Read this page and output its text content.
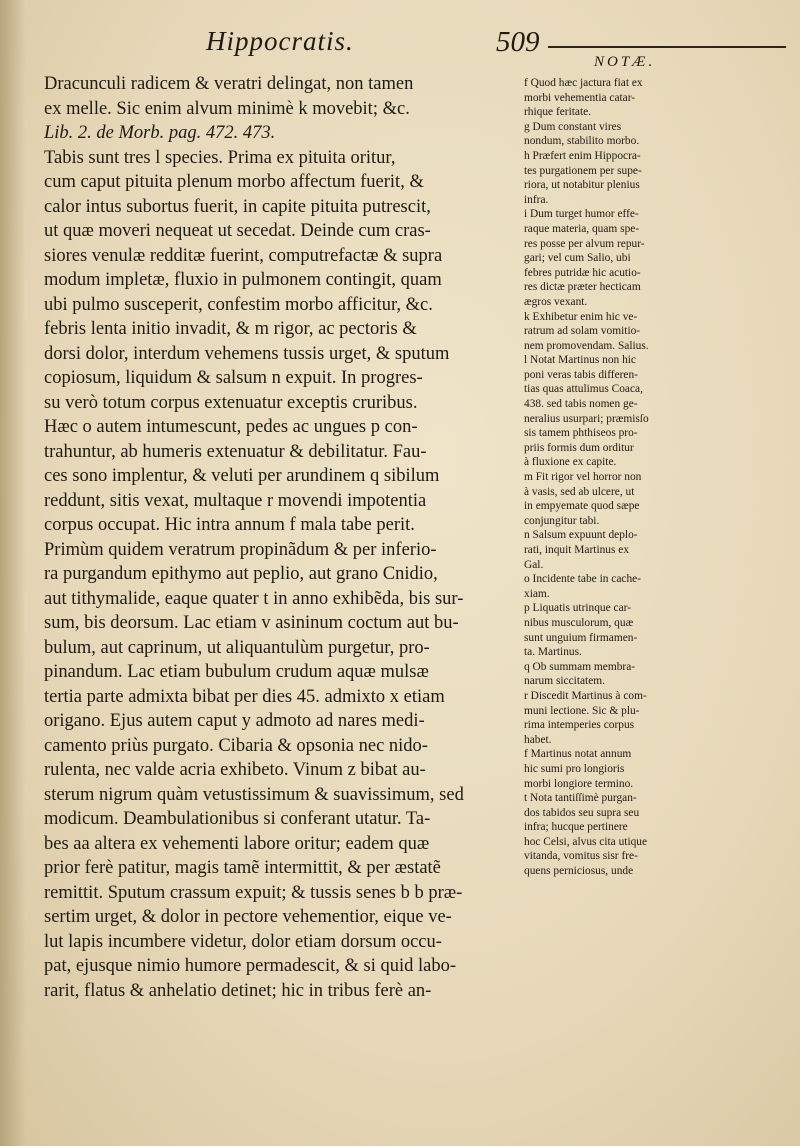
Hippocratis.	509
NOTÆ.
Dracunculi radicem & veratri delingat, non tamen
ex melle. Sic enim alvum minimè k movebit; &c.
Lib. 2. de Morb. pag. 472. 473.
Tabis sunt tres l species. Prima ex pituita oritur,
cum caput pituita plenum morbo affectum fuerit, &
calor intus subortus fuerit, in capite pituita putrescit,
ut quæ moveri nequeat ut secedat. Deinde cum cras-
siores venulæ redditæ fuerint, computrefactæ & supra
modum impletæ, fluxio in pulmonem contingit, quam
ubi pulmo susceperit, confestim morbo afficitur, &c.
febris lenta initio invadit, & m rigor, ac pectoris &
dorsi dolor, interdum vehemens tussis urget, & sputum
copiosum, liquidum & salsum n expuit. In progres-
su verò totum corpus extenuatur exceptis cruribus.
Hæc o autem intumescunt, pedes ac ungues p con-
trahuntur, ab humeris extenuatur & debilitatur. Fau-
ces sono implentur, & veluti per arundinem q sibilum
reddunt, sitis vexat, multaque r movendi impotentia
corpus occupat. Hic intra annum f mala tabe perit.
Primùm quidem veratrum propinãdum & per inferio-
ra purgandum epithymo aut peplio, aut grano Cnidio,
aut tithymalide, eaque quater t in anno exhibẽda, bis sur-
sum, bis deorsum. Lac etiam v asininum coctum aut bu-
bulum, aut caprinum, ut aliquantulùm purgetur, pro-
pinandum. Lac etiam bubulum crudum aquæ mulsæ
tertia parte admixta bibat per dies 45. admixto x etiam
origano. Ejus autem caput y admoto ad nares medi-
camento priùs purgato. Cibaria & opsonia nec nido-
rulenta, nec valde acria exhibeto. Vinum z bibat au-
sterum nigrum quàm vetustissimum & suavissimum, sed
modicum. Deambulationibus si conferant utatur. Ta-
bes aa altera ex vehementi labore oritur; eadem quæ
prior ferè patitur, magis tamẽ intermittit, & per æstatẽ
remittit. Sputum crassum expuit; & tussis senes b b præ-
sertim urget, & dolor in pectore vehementior, eique ve-
lut lapis incumbere videtur, dolor etiam dorsum occu-
pat, ejusque nimio humore permadescit, & si quid labo-
rarit, flatus & anhelatio detinet; hic in tribus ferè an-
f Quod hæc jactura fiat ex
morbi vehementia catar-
rhique feritate.
g Dum constant vires
nondum, stabilito morbo.
h Præfert enim Hippocra-
tes purgationem per supe-
riora, ut notabitur plenius
infra.
i Dum turget humor effe-
raque materia, quam spe-
res posse per alvum repur-
gari; vel cum Salio, ubi
febres putridæ hic acutio-
res dictæ præter hecticam
ægros vexant.
k Exhibetur enim hic ve-
ratrum ad solam vomitio-
nem promovendam. Salius.
l Notat Martinus non hic
poni veras tabis differen-
tias quas attulimus Coaca,
438. sed tabis nomen ge-
neralius usurpari; præmisſo
sis tamem phthiseos pro-
priis formis dum orditur
à fluxione ex capite.
m Fit rigor vel horror non
à vasis, sed ab ulcere, ut
in empyemate quod sæpe
conjungitur tabi.
n Salsum expuunt deplo-
rati, inquit Martinus ex
Gal.
o Incidente tabe in cache-
xiam.
p Liquatis utrinque car-
nibus musculorum, quæ
sunt unguium firmamen-
ta. Martinus.
q Ob summam membra-
narum siccitatem.
r Discedit Martinus à com-
muni lectione. Sic & plu-
rima intemperies corpus
habet.
f Martinus notat annum
hic sumi pro longioris
morbi longiore termino.
t Nota tantiſſimè purgan-
dos tabidos seu supra seu
infra; hucque pertinere
hoc Celsi, alvus cita utique
vitanda, vomitus sisr fre-
quens perniciosus, unde
